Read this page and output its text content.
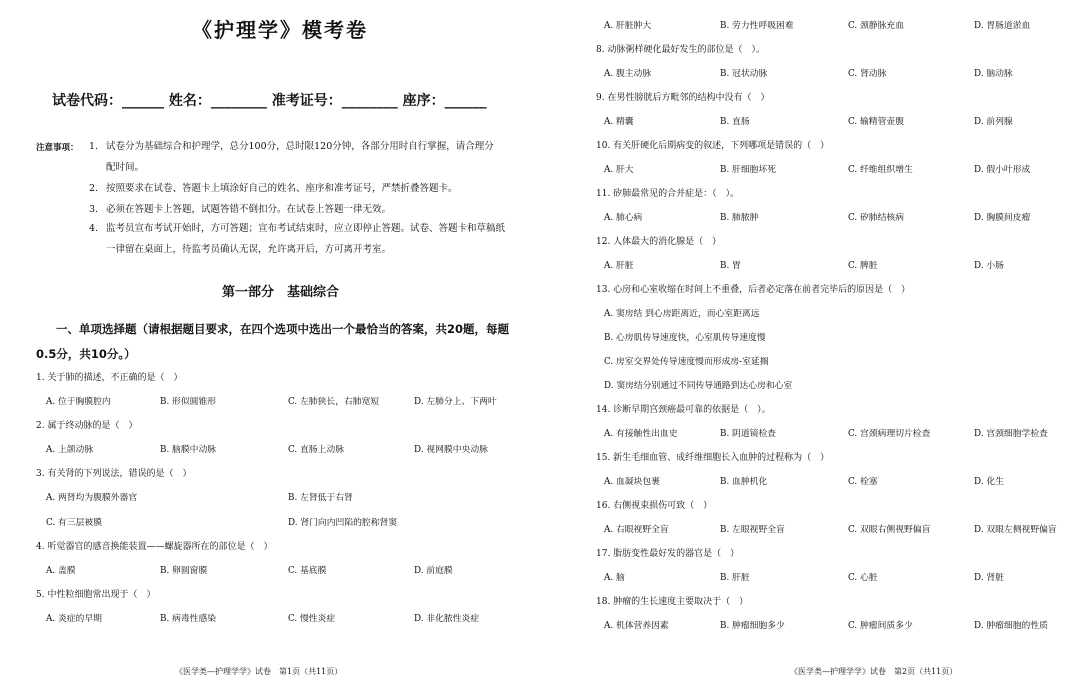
《护理学》模考卷
试卷代码：______ 姓名：________ 准考证号：________ 座序：______
注意事项： 1. 试卷分为基础综合和护理学，总分100分，总时限120分钟，各部分用时自行掌握，请合理分
配时间。
2. 按照要求在试卷、答题卡上填涂好自己的姓名、座序和准考证号，严禁折叠答题卡。
3. 必须在答题卡上答题，试题答错不倒扣分。在试卷上答题一律无效。
4. 监考员宣布考试开始时，方可答题；宣布考试结束时，应立即停止答题。试卷、答题卡和草稿纸
一律留在桌面上，待监考员确认无误，允许离开后，方可离开考室。
第一部分　基础综合
一、单项选择题（请根据题目要求，在四个选项中选出一个最恰当的答案，共20题，每题
0.5分，共10分。）
1. 关于肺的描述，不正确的是（　）
A. 位于胸膜腔内	B. 形似圆锥形	C. 左肺狭长，右肺宽短	D. 左肺分上、下两叶
2. 属于终动脉的是（　）
A. 上颌动脉	B. 脑膜中动脉	C. 直肠上动脉	D. 视网膜中央动脉
3. 有关肾的下列说法，错误的是（　）
A. 两肾均为腹膜外器官	B. 左肾低于右肾
C. 有三层被膜	D. 肾门向内凹陷的腔称肾窦
4. 听觉器官的感音换能装置——螺旋器所在的部位是（　）
A. 盖膜	B. 卵圆窗膜	C. 基底膜	D. 前庭膜
5. 中性粒细胞常出现于（　）
A. 炎症的早期	B. 病毒性感染	C. 慢性炎症	D. 非化脓性炎症
《医学类—护理学学》试卷　第1页（共11页）
A. 肝脏肿大	B. 劳力性呼吸困难	C. 颈静脉充血	D. 胃肠道淤血
8. 动脉粥样硬化最好发生的部位是（　）。
A. 腹主动脉	B. 冠状动脉	C. 肾动脉	D. 脑动脉
9. 在男性膀胱后方毗邻的结构中没有（　）
A. 精囊	B. 直肠	C. 输精管壶腹	D. 前列腺
10. 有关肝硬化后期病变的叙述，下列哪项是错误的（　）
A. 肝大	B. 肝细胞坏死	C. 纤维组织增生	D. 假小叶形成
11. 矽肺最常见的合并症是：（　）。
A. 肺心病	B. 肺脓肿	C. 矽肺结核病	D. 胸膜间皮瘤
12. 人体最大的消化腺是（　）
A. 肝脏	B. 胃	C. 脾脏	D. 小肠
13. 心房和心室收缩在时间上不重叠，后者必定落在前者完毕后的原因是（　）
A. 窦房结 到心房距离近，而心室距离远
B. 心房肌传导速度快，心室肌传导速度慢
C. 房室交界处传导速度慢而形成房-室延搁
D. 窦房结分别通过不同传导通路到达心房和心室
14. 诊断早期宫颈癌最可靠的依据是（　）。
A. 有接触性出血史	B. 阴道镜检查	C. 宫颈病理切片检查	D. 宫颈细胞学检查
15. 新生毛细血管、成纤维细胞长入血肿的过程称为（　）
A. 血凝块包裹	B. 血肿机化	C. 栓塞	D. 化生
16. 右侧视束损伤可致（　）
A. 右眼视野全盲	B. 左眼视野全盲	C. 双眼右侧视野偏盲	D. 双眼左侧视野偏盲
17. 脂肪变性最好发的器官是（　）
A. 脑	B. 肝脏	C. 心脏	D. 肾脏
18. 肿瘤的生长速度主要取决于（　）
A. 机体营养因素	B. 肿瘤细胞多少	C. 肿瘤间质多少	D. 肿瘤细胞的性质
《医学类—护理学学》试卷　第2页（共11页）
